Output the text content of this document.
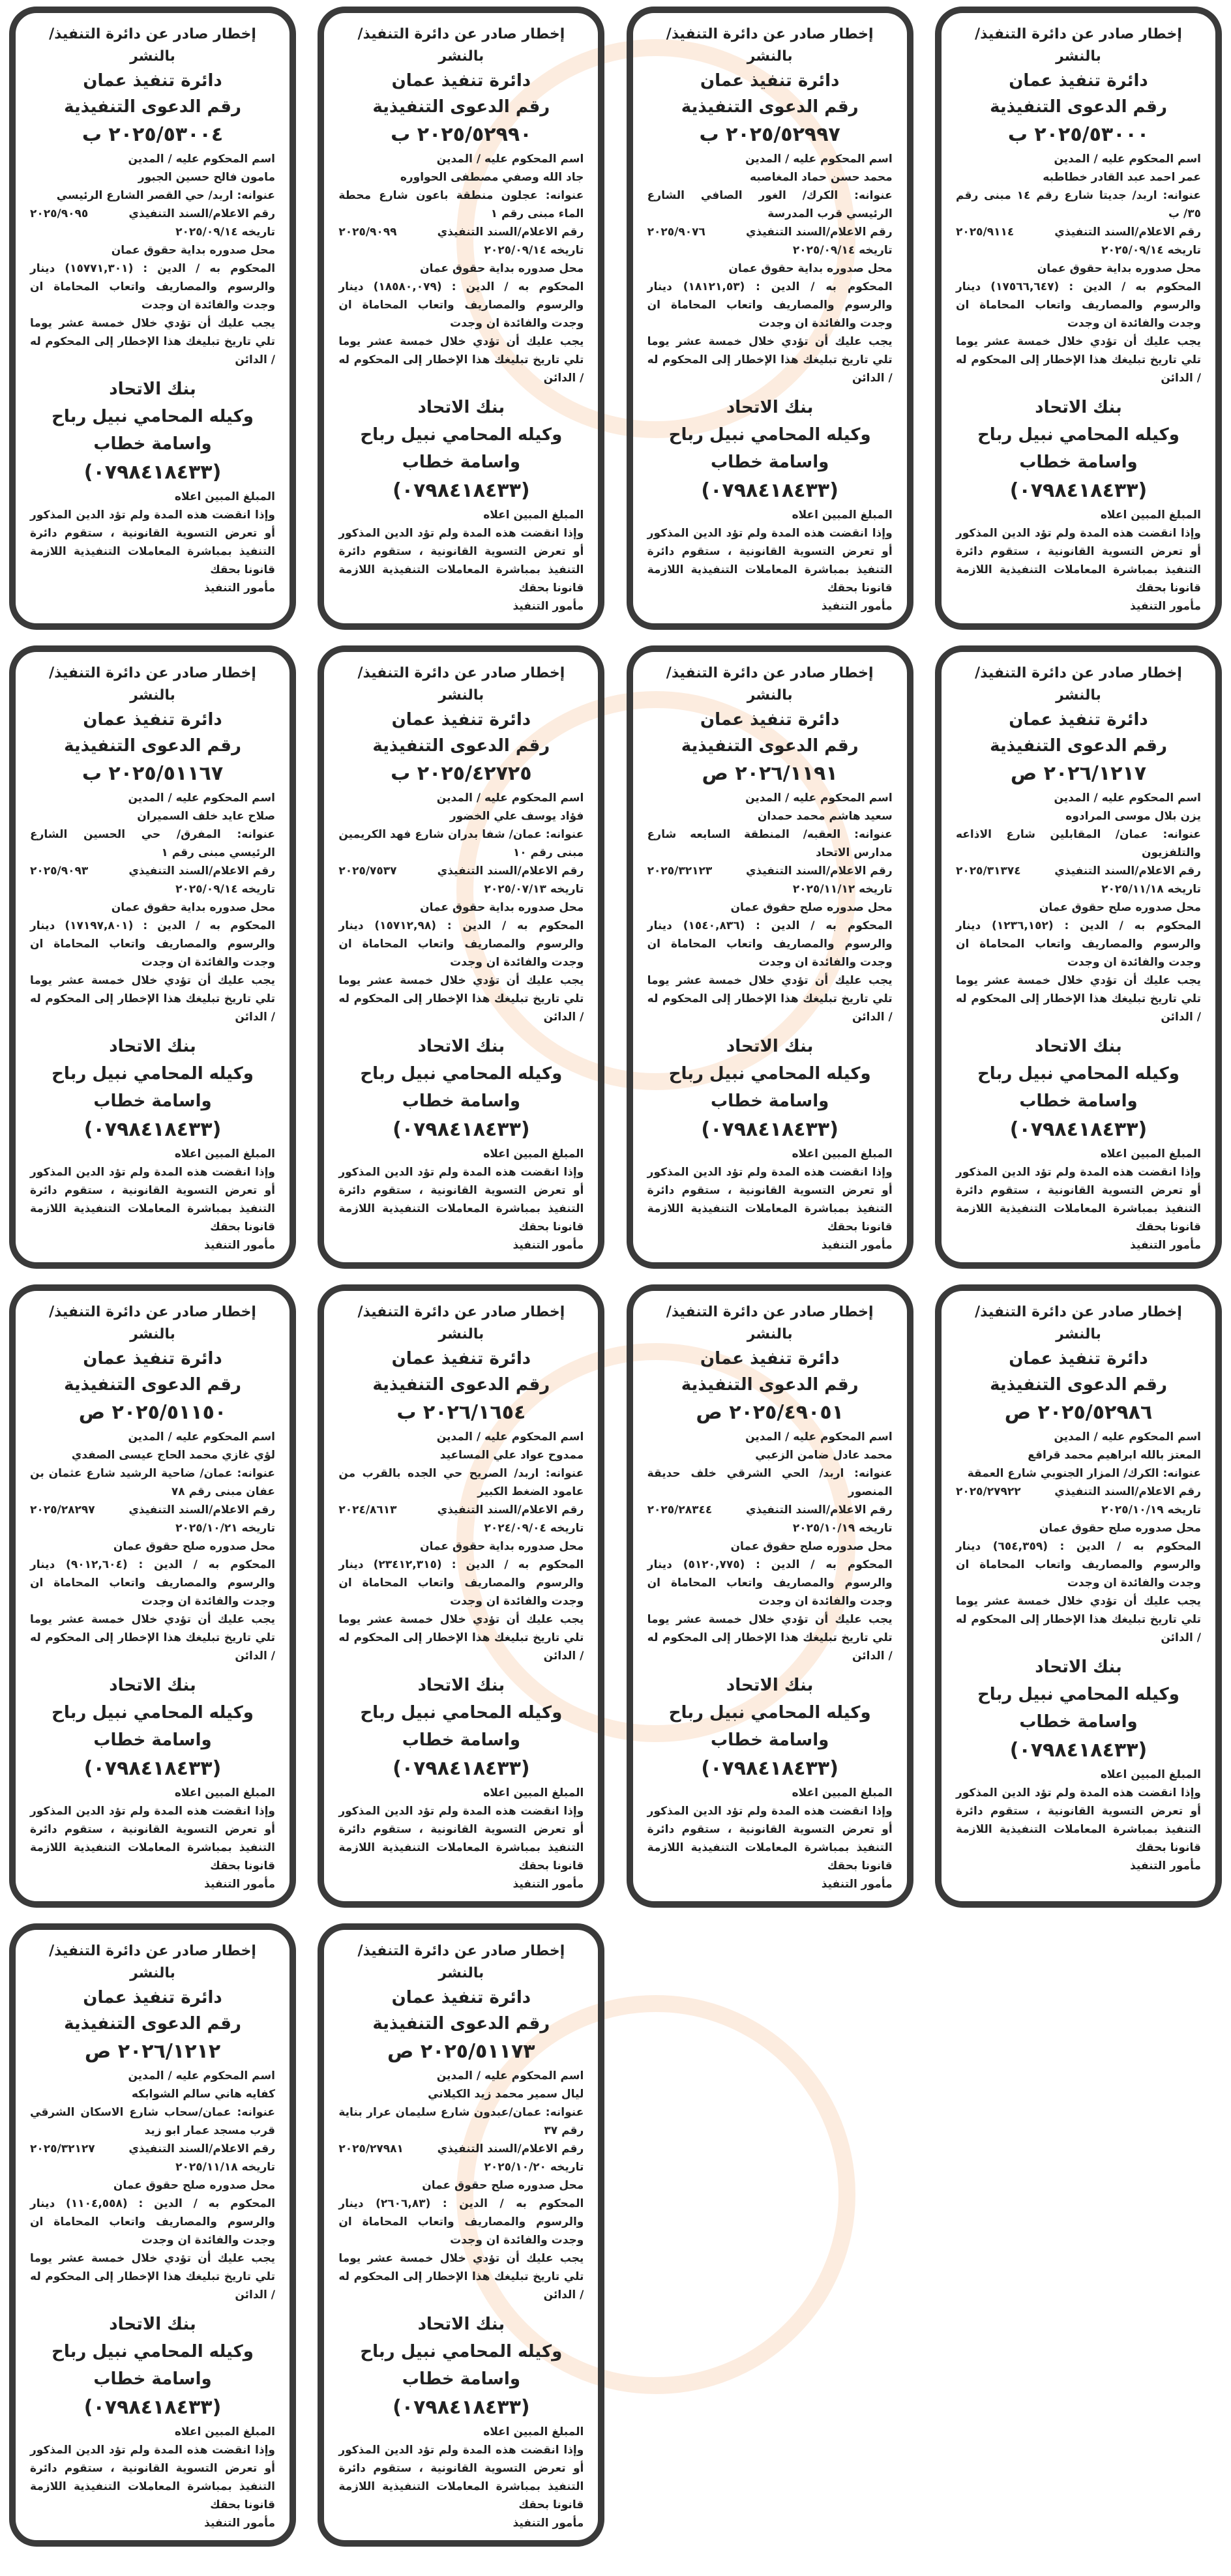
إخطار صادر عن دائرة التنفيذ/ بالنشر
دائرة تنفيذ عمان
رقم الدعوى التنفيذية
٢٠٢٥/٥٣٠٠٠ ب
اسم المحكوم عليه / المدين
عمر احمد عبد القادر خطاطبه
عنوانه: اربد/ جديتا شارع رقم ١٤ مبنى رقم ٣٥/ ب
رقم الاعلام/السند التنفيذي
٢٠٢٥/٩١١٤
تاريخه ٢٠٢٥/٠٩/١٤
محل صدوره بداية حقوق عمان
المحكوم به / الدين : (١٧٥٦٦,٦٤٧) دينار والرسوم والمصاريف واتعاب المحاماة ان وجدت والفائدة ان وجدت
يجب عليك أن تؤدي خلال خمسة عشر يوما تلي تاريخ تبليغك هذا الإخطار إلى المحكوم له / الدائن
بنك الاتحاد
وكيله المحامي نبيل رباح واسامة خطاب
(٠٧٩٨٤١٨٤٣٣)
المبلغ المبين اعلاه
وإذا انقضت هذه المدة ولم تؤد الدين المذكور أو تعرض التسوية القانونية ، ستقوم دائرة التنفيذ بمباشرة المعاملات التنفيذية اللازمة قانونا بحقك
مأمور التنفيذ
إخطار صادر عن دائرة التنفيذ/ بالنشر
دائرة تنفيذ عمان
رقم الدعوى التنفيذية
٢٠٢٥/٥٢٩٩٧ ب
اسم المحكوم عليه / المدين
محمد حسن حماد المغاصبه
عنوانه: الكرك/ الغور الصافي الشارع الرئيسي قرب المدرسة
رقم الاعلام/السند التنفيذي
٢٠٢٥/٩٠٧٦
تاريخه ٢٠٢٥/٠٩/١٤
محل صدوره بداية حقوق عمان
المحكوم به / الدين : (١٨١٢١,٥٣) دينار والرسوم والمصاريف واتعاب المحاماة ان وجدت والفائدة ان وجدت
يجب عليك أن تؤدي خلال خمسة عشر يوما تلي تاريخ تبليغك هذا الإخطار إلى المحكوم له / الدائن
بنك الاتحاد
وكيله المحامي نبيل رباح واسامة خطاب
(٠٧٩٨٤١٨٤٣٣)
المبلغ المبين اعلاه
وإذا انقضت هذه المدة ولم تؤد الدين المذكور أو تعرض التسوية القانونية ، ستقوم دائرة التنفيذ بمباشرة المعاملات التنفيذية اللازمة قانونا بحقك
مأمور التنفيذ
إخطار صادر عن دائرة التنفيذ/ بالنشر
دائرة تنفيذ عمان
رقم الدعوى التنفيذية
٢٠٢٥/٥٢٩٩٠ ب
اسم المحكوم عليه / المدين
جاد الله وصفي مصطفى الحواوره
عنوانه: عجلون منطقة باعون شارع محطة الماء مبنى رقم ١
رقم الاعلام/السند التنفيذي
٢٠٢٥/٩٠٩٩
تاريخه ٢٠٢٥/٠٩/١٤
محل صدوره بداية حقوق عمان
المحكوم به / الدين : (١٨٥٨٠,٠٧٩) دينار والرسوم والمصاريف واتعاب المحاماة ان وجدت والفائدة ان وجدت
يجب عليك أن تؤدي خلال خمسة عشر يوما تلي تاريخ تبليغك هذا الإخطار إلى المحكوم له / الدائن
بنك الاتحاد
وكيله المحامي نبيل رباح واسامة خطاب
(٠٧٩٨٤١٨٤٣٣)
المبلغ المبين اعلاه
وإذا انقضت هذه المدة ولم تؤد الدين المذكور أو تعرض التسوية القانونية ، ستقوم دائرة التنفيذ بمباشرة المعاملات التنفيذية اللازمة قانونا بحقك
مأمور التنفيذ
إخطار صادر عن دائرة التنفيذ/ بالنشر
دائرة تنفيذ عمان
رقم الدعوى التنفيذية
٢٠٢٥/٥٣٠٠٤ ب
اسم المحكوم عليه / المدين
مامون فالح حسين الجبور
عنوانه: اربد/ حي القصر الشارع الرئيسي
رقم الاعلام/السند التنفيذي
٢٠٢٥/٩٠٩٥
تاريخه ٢٠٢٥/٠٩/١٤
محل صدوره بداية حقوق عمان
المحكوم به / الدين : (١٥٧٧١,٣٠١) دينار والرسوم والمصاريف واتعاب المحاماة ان وجدت والفائدة ان وجدت
يجب عليك أن تؤدي خلال خمسة عشر يوما تلي تاريخ تبليغك هذا الإخطار إلى المحكوم له / الدائن
بنك الاتحاد
وكيله المحامي نبيل رباح واسامة خطاب
(٠٧٩٨٤١٨٤٣٣)
المبلغ المبين اعلاه
وإذا انقضت هذه المدة ولم تؤد الدين المذكور أو تعرض التسوية القانونية ، ستقوم دائرة التنفيذ بمباشرة المعاملات التنفيذية اللازمة قانونا بحقك
مأمور التنفيذ
إخطار صادر عن دائرة التنفيذ/ بالنشر
دائرة تنفيذ عمان
رقم الدعوى التنفيذية
٢٠٢٦/١٢١٧ ص
اسم المحكوم عليه / المدين
يزن بلال موسى المرادوه
عنوانه: عمان/ المقابلين شارع الاذاعه والتلفزيون
رقم الاعلام/السند التنفيذي
٢٠٢٥/٣١٣٧٤
تاريخه ٢٠٢٥/١١/١٨
محل صدوره صلح حقوق عمان
المحكوم به / الدين : (١٢٣٦,١٥٢) دينار والرسوم والمصاريف واتعاب المحاماة ان وجدت والفائدة ان وجدت
يجب عليك أن تؤدي خلال خمسة عشر يوما تلي تاريخ تبليغك هذا الإخطار إلى المحكوم له / الدائن
بنك الاتحاد
وكيله المحامي نبيل رباح واسامة خطاب
(٠٧٩٨٤١٨٤٣٣)
المبلغ المبين اعلاه
وإذا انقضت هذه المدة ولم تؤد الدين المذكور أو تعرض التسوية القانونية ، ستقوم دائرة التنفيذ بمباشرة المعاملات التنفيذية اللازمة قانونا بحقك
مأمور التنفيذ
إخطار صادر عن دائرة التنفيذ/ بالنشر
دائرة تنفيذ عمان
رقم الدعوى التنفيذية
٢٠٢٦/١١٩١ ص
اسم المحكوم عليه / المدين
سعيد هاشم محمد حمدان
عنوانه: العقبه/ المنطقة السابعه شارع مدارس الاتحاد
رقم الاعلام/السند التنفيذي
٢٠٢٥/٣٢١٢٣
تاريخه ٢٠٢٥/١١/١٢
محل صدوره صلح حقوق عمان
المحكوم به / الدين : (١٥٤٠,٨٣٦) دينار والرسوم والمصاريف واتعاب المحاماة ان وجدت والفائدة ان وجدت
يجب عليك أن تؤدي خلال خمسة عشر يوما تلي تاريخ تبليغك هذا الإخطار إلى المحكوم له / الدائن
بنك الاتحاد
وكيله المحامي نبيل رباح واسامة خطاب
(٠٧٩٨٤١٨٤٣٣)
المبلغ المبين اعلاه
وإذا انقضت هذه المدة ولم تؤد الدين المذكور أو تعرض التسوية القانونية ، ستقوم دائرة التنفيذ بمباشرة المعاملات التنفيذية اللازمة قانونا بحقك
مأمور التنفيذ
إخطار صادر عن دائرة التنفيذ/ بالنشر
دائرة تنفيذ عمان
رقم الدعوى التنفيذية
٢٠٢٥/٤٢٧٢٥ ب
اسم المحكوم عليه / المدين
فؤاد يوسف علي الخضور
عنوانه: عمان/ شفا بدران شارع فهد الكريمين مبنى رقم ١٠
رقم الاعلام/السند التنفيذي
٢٠٢٥/٧٥٣٧
تاريخه ٢٠٢٥/٠٧/١٣
محل صدوره بداية حقوق عمان
المحكوم به / الدين : (١٥٧١٢,٩٨) دينار والرسوم والمصاريف واتعاب المحاماة ان وجدت والفائدة ان وجدت
يجب عليك أن تؤدي خلال خمسة عشر يوما تلي تاريخ تبليغك هذا الإخطار إلى المحكوم له / الدائن
بنك الاتحاد
وكيله المحامي نبيل رباح واسامة خطاب
(٠٧٩٨٤١٨٤٣٣)
المبلغ المبين اعلاه
وإذا انقضت هذه المدة ولم تؤد الدين المذكور أو تعرض التسوية القانونية ، ستقوم دائرة التنفيذ بمباشرة المعاملات التنفيذية اللازمة قانونا بحقك
مأمور التنفيذ
إخطار صادر عن دائرة التنفيذ/ بالنشر
دائرة تنفيذ عمان
رقم الدعوى التنفيذية
٢٠٢٥/٥١١٦٧ ب
اسم المحكوم عليه / المدين
صلاح عايد خلف السميران
عنوانه: المفرق/ حي الحسين الشارع الرئيسي مبنى رقم ١
رقم الاعلام/السند التنفيذي
٢٠٢٥/٩٠٩٣
تاريخه ٢٠٢٥/٠٩/١٤
محل صدوره بداية حقوق عمان
المحكوم به / الدين : (١٧١٩٧,٨٠١) دينار والرسوم والمصاريف واتعاب المحاماة ان وجدت والفائدة ان وجدت
يجب عليك أن تؤدي خلال خمسة عشر يوما تلي تاريخ تبليغك هذا الإخطار إلى المحكوم له / الدائن
بنك الاتحاد
وكيله المحامي نبيل رباح واسامة خطاب
(٠٧٩٨٤١٨٤٣٣)
المبلغ المبين اعلاه
وإذا انقضت هذه المدة ولم تؤد الدين المذكور أو تعرض التسوية القانونية ، ستقوم دائرة التنفيذ بمباشرة المعاملات التنفيذية اللازمة قانونا بحقك
مأمور التنفيذ
إخطار صادر عن دائرة التنفيذ/ بالنشر
دائرة تنفيذ عمان
رقم الدعوى التنفيذية
٢٠٢٥/٥٢٩٨٦ ص
اسم المحكوم عليه / المدين
المعتز بالله ابراهيم محمد قراقع
عنوانه: الكرك/ المزار الجنوبي شارع العمقة
رقم الاعلام/السند التنفيذي
٢٠٢٥/٢٧٩٢٢
تاريخه ٢٠٢٥/١٠/١٩
محل صدوره صلح حقوق عمان
المحكوم به / الدين : (٦٥٤,٣٥٩) دينار والرسوم والمصاريف واتعاب المحاماة ان وجدت والفائدة ان وجدت
يجب عليك أن تؤدي خلال خمسة عشر يوما تلي تاريخ تبليغك هذا الإخطار إلى المحكوم له / الدائن
بنك الاتحاد
وكيله المحامي نبيل رباح واسامة خطاب
(٠٧٩٨٤١٨٤٣٣)
المبلغ المبين اعلاه
وإذا انقضت هذه المدة ولم تؤد الدين المذكور أو تعرض التسوية القانونية ، ستقوم دائرة التنفيذ بمباشرة المعاملات التنفيذية اللازمة قانونا بحقك
مأمور التنفيذ
إخطار صادر عن دائرة التنفيذ/ بالنشر
دائرة تنفيذ عمان
رقم الدعوى التنفيذية
٢٠٢٥/٤٩٠٥١ ص
اسم المحكوم عليه / المدين
محمد عادل ضامن الزعبي
عنوانه: اربد/ الحي الشرقي خلف حديقة المنصور
رقم الاعلام/السند التنفيذي
٢٠٢٥/٢٨٣٤٤
تاريخه ٢٠٢٥/١٠/١٩
محل صدوره صلح حقوق عمان
المحكوم به / الدين : (٥١٢٠,٧٧٥) دينار والرسوم والمصاريف واتعاب المحاماة ان وجدت والفائدة ان وجدت
يجب عليك أن تؤدي خلال خمسة عشر يوما تلي تاريخ تبليغك هذا الإخطار إلى المحكوم له / الدائن
بنك الاتحاد
وكيله المحامي نبيل رباح واسامة خطاب
(٠٧٩٨٤١٨٤٣٣)
المبلغ المبين اعلاه
وإذا انقضت هذه المدة ولم تؤد الدين المذكور أو تعرض التسوية القانونية ، ستقوم دائرة التنفيذ بمباشرة المعاملات التنفيذية اللازمة قانونا بحقك
مأمور التنفيذ
إخطار صادر عن دائرة التنفيذ/ بالنشر
دائرة تنفيذ عمان
رقم الدعوى التنفيذية
٢٠٢٦/١٦٥٤ ب
اسم المحكوم عليه / المدين
ممدوح عواد علي المساعيد
عنوانه: اربد/ الصريح حي الجده بالقرب من عامود الضغط الكبير
رقم الاعلام/السند التنفيذي
٢٠٢٤/٨٦١٣
تاريخه ٢٠٢٤/٠٩/٠٤
محل صدوره بداية حقوق عمان
المحكوم به / الدين : (٢٣٤١٢,٣١٥) دينار والرسوم والمصاريف واتعاب المحاماة ان وجدت والفائدة ان وجدت
يجب عليك أن تؤدي خلال خمسة عشر يوما تلي تاريخ تبليغك هذا الإخطار إلى المحكوم له / الدائن
بنك الاتحاد
وكيله المحامي نبيل رباح واسامة خطاب
(٠٧٩٨٤١٨٤٣٣)
المبلغ المبين اعلاه
وإذا انقضت هذه المدة ولم تؤد الدين المذكور أو تعرض التسوية القانونية ، ستقوم دائرة التنفيذ بمباشرة المعاملات التنفيذية اللازمة قانونا بحقك
مأمور التنفيذ
إخطار صادر عن دائرة التنفيذ/ بالنشر
دائرة تنفيذ عمان
رقم الدعوى التنفيذية
٢٠٢٥/٥١١٥٠ ص
اسم المحكوم عليه / المدين
لؤي غازي محمد الحاج عيسى الصفدي
عنوانه: عمان/ ضاحية الرشيد شارع عثمان بن عفان مبنى رقم ٧٨
رقم الاعلام/السند التنفيذي
٢٠٢٥/٢٨٢٩٧
تاريخه ٢٠٢٥/١٠/٢١
محل صدوره صلح حقوق عمان
المحكوم به / الدين : (٩٠١٢,٦٠٤) دينار والرسوم والمصاريف واتعاب المحاماة ان وجدت والفائدة ان وجدت
يجب عليك أن تؤدي خلال خمسة عشر يوما تلي تاريخ تبليغك هذا الإخطار إلى المحكوم له / الدائن
بنك الاتحاد
وكيله المحامي نبيل رباح واسامة خطاب
(٠٧٩٨٤١٨٤٣٣)
المبلغ المبين اعلاه
وإذا انقضت هذه المدة ولم تؤد الدين المذكور أو تعرض التسوية القانونية ، ستقوم دائرة التنفيذ بمباشرة المعاملات التنفيذية اللازمة قانونا بحقك
مأمور التنفيذ
إخطار صادر عن دائرة التنفيذ/ بالنشر
دائرة تنفيذ عمان
رقم الدعوى التنفيذية
٢٠٢٥/٥١١٧٣ ص
اسم المحكوم عليه / المدين
ليال سمير محمد زيد الكيلاني
عنوانه: عمان/عبدون شارع سليمان عرار بناية رقم ٣٧
رقم الاعلام/السند التنفيذي
٢٠٢٥/٢٧٩٨١
تاريخه ٢٠٢٥/١٠/٢٠
محل صدوره صلح حقوق عمان
المحكوم به / الدين : (٢٦٠٦,٨٣) دينار والرسوم والمصاريف واتعاب المحاماة ان وجدت والفائدة ان وجدت
يجب عليك أن تؤدي خلال خمسة عشر يوما تلي تاريخ تبليغك هذا الإخطار إلى المحكوم له / الدائن
بنك الاتحاد
وكيله المحامي نبيل رباح واسامة خطاب
(٠٧٩٨٤١٨٤٣٣)
المبلغ المبين اعلاه
وإذا انقضت هذه المدة ولم تؤد الدين المذكور أو تعرض التسوية القانونية ، ستقوم دائرة التنفيذ بمباشرة المعاملات التنفيذية اللازمة قانونا بحقك
مأمور التنفيذ
إخطار صادر عن دائرة التنفيذ/ بالنشر
دائرة تنفيذ عمان
رقم الدعوى التنفيذية
٢٠٢٦/١٢١٢ ص
اسم المحكوم عليه / المدين
كفايه هاني سالم الشوابكه
عنوانه: عمان/سحاب شارع الاسكان الشرقي قرب مسجد عمار ابو زيد
رقم الاعلام/السند التنفيذي
٢٠٢٥/٣٢١٢٧
تاريخه ٢٠٢٥/١١/١٨
محل صدوره صلح حقوق عمان
المحكوم به / الدين : (١١٠٤,٥٥٨) دينار والرسوم والمصاريف واتعاب المحاماة ان وجدت والفائدة ان وجدت
يجب عليك أن تؤدي خلال خمسة عشر يوما تلي تاريخ تبليغك هذا الإخطار إلى المحكوم له / الدائن
بنك الاتحاد
وكيله المحامي نبيل رباح واسامة خطاب
(٠٧٩٨٤١٨٤٣٣)
المبلغ المبين اعلاه
وإذا انقضت هذه المدة ولم تؤد الدين المذكور أو تعرض التسوية القانونية ، ستقوم دائرة التنفيذ بمباشرة المعاملات التنفيذية اللازمة قانونا بحقك
مأمور التنفيذ
